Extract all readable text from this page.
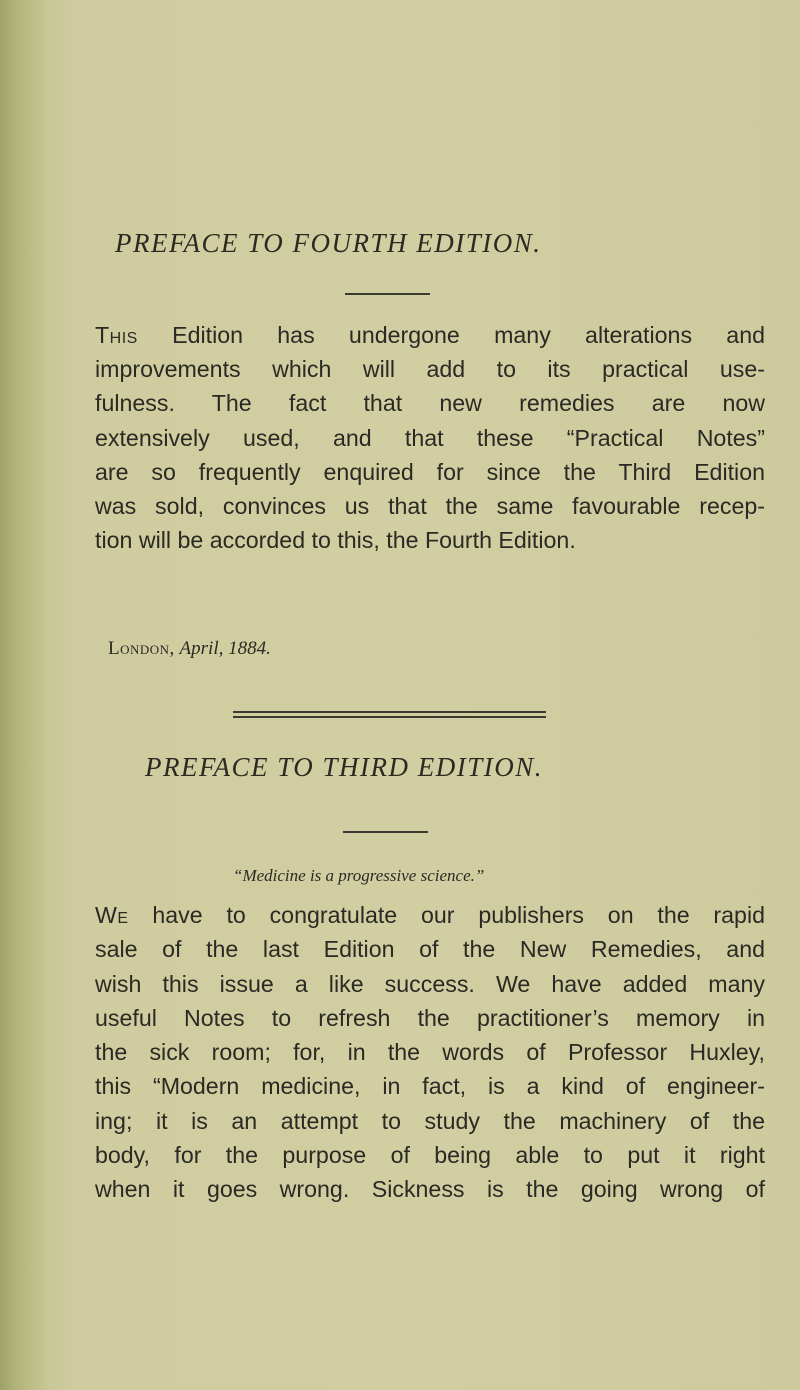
PREFACE TO FOURTH EDITION.
This Edition has undergone many alterations and
improvements which will add to its practical use-
fulness. The fact that new remedies are now
extensively used, and that these “Practical Notes”
are so frequently enquired for since the Third Edition
was sold, convinces us that the same favourable recep-
tion will be accorded to this, the Fourth Edition.
London, April, 1884.
PREFACE TO THIRD EDITION.
“Medicine is a progressive science.”
We have to congratulate our publishers on the rapid
sale of the last Edition of the New Remedies, and
wish this issue a like success. We have added many
useful Notes to refresh the practitioner’s memory in
the sick room; for, in the words of Professor Huxley,
this “Modern medicine, in fact, is a kind of engineer-
ing; it is an attempt to study the machinery of the
body, for the purpose of being able to put it right
when it goes wrong. Sickness is the going wrong of
